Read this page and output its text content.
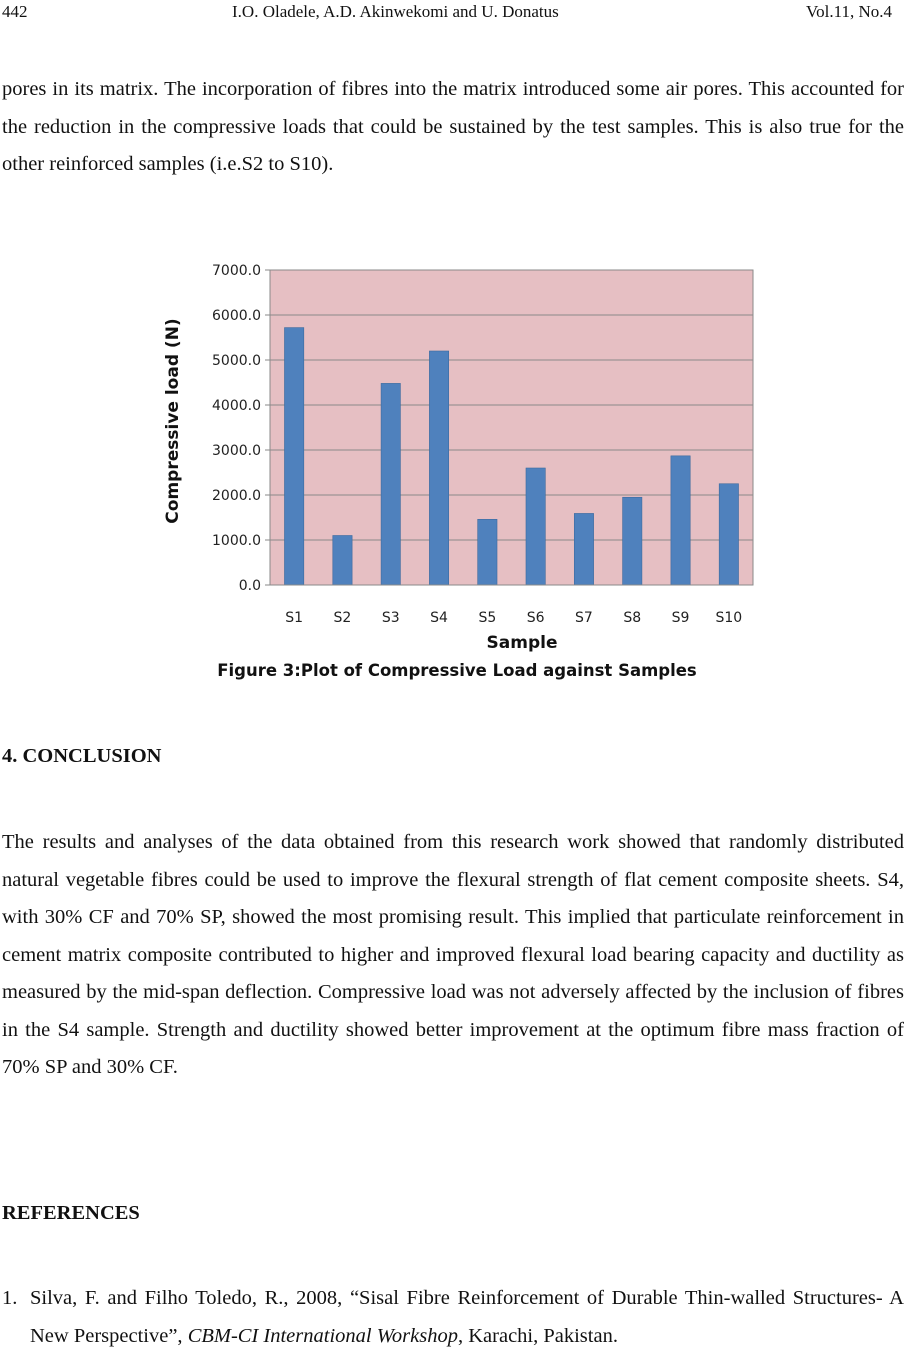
442	I.O. Oladele, A.D. Akinwekomi and U. Donatus	Vol.11, No.4

pores in its matrix. The incorporation of fibres into the matrix introduced some air pores. This accounted for the reduction in the compressive loads that could be sustained by the test samples. This is also true for the other reinforced samples (i.e.S2 to S10).

Compressive load (N)
Sample
Figure 3:Plot of Compressive Load against Samples
0.0
1000.0
2000.0
3000.0
4000.0
5000.0
6000.0
7000.0
S1 S2 S3 S4 S5 S6 S7 S8 S9 S10
4. CONCLUSION

The results and analyses of the data obtained from this research work showed that randomly distributed natural vegetable fibres could be used to improve the flexural strength of flat cement composite sheets. S4, with 30% CF and 70% SP, showed the most promising result. This implied that particulate reinforcement in cement matrix composite contributed to higher and improved flexural load bearing capacity and ductility as measured by the mid-span deflection. Compressive load was not adversely affected by the inclusion of fibres in the S4 sample. Strength and ductility showed better improvement at the optimum fibre mass fraction of 70% SP and 30% CF.

REFERENCES
1. Silva, F. and Filho Toledo, R., 2008, “Sisal Fibre Reinforcement of Durable Thin-walled Structures- A New Perspective”, CBM-CI International Workshop, Karachi, Pakistan.
